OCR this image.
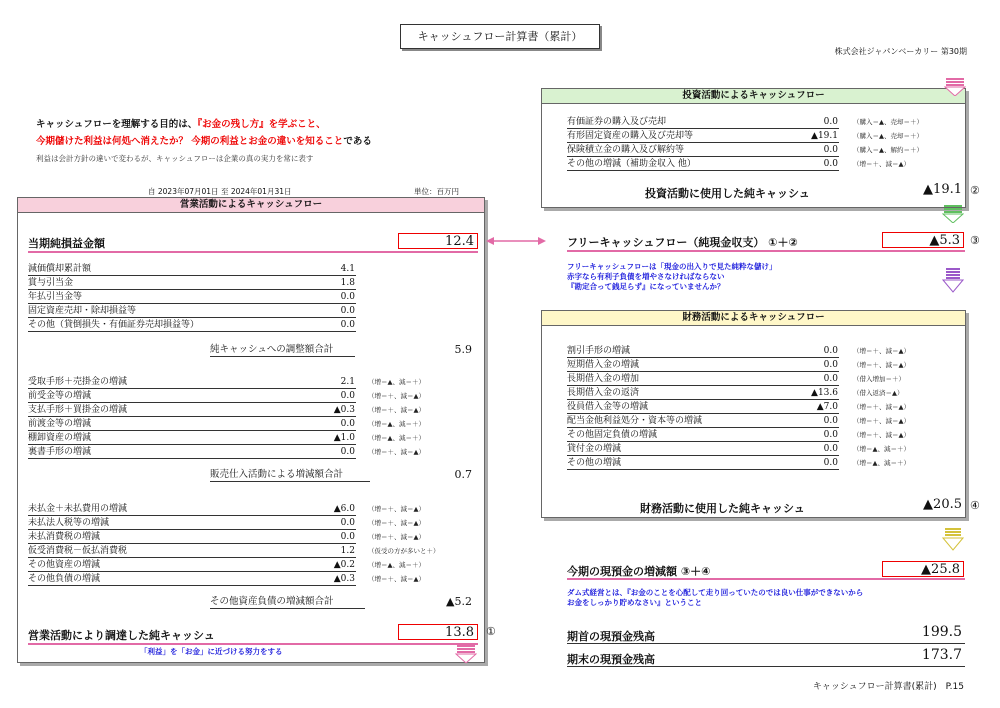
キャッシュフロー計算書（累計）
株式会社ジャパンベーカリー 第30期
キャッシュフローを理解する目的は、『お金の残し方』を学ぶこと、
今期儲けた利益は何処へ消えたか？ 今期の利益とお金の違いを知ることである
利益は会計方針の違いで変わるが、キャッシュフローは企業の真の実力を常に表す
自 2023年07月01日 至 2024年01月31日	単位：百万円
営業活動によるキャッシュフロー
当期純損益金額	12.4
減価償却累計額	4.1
賞与引当金	1.8
年払引当金等	0.0
固定資産売却・除却損益等	0.0
その他（貸倒損失・有価証券売却損益等）	0.0
受取手形＋売掛金の増減	2.1 （増＝▲、減＝＋）
前受金等の増減	0.0 （増＝＋、減＝▲）
支払手形＋買掛金の増減	▲0.3 （増＝＋、減＝▲）
前渡金等の増減	0.0 （増＝▲、減＝＋）
棚卸資産の増減	▲1.0 （増＝▲、減＝＋）
裏書手形の増減	0.0 （増＝＋、減＝▲）
未払金＋未払費用の増減	▲6.0 （増＝＋、減＝▲）
未払法人税等の増減	0.0 （増＝＋、減＝▲）
未払消費税の増減	0.0 （増＝＋、減＝▲）
仮受消費税－仮払消費税	1.2 （仮受の方が多いと＋）
その他資産の増減	▲0.2 （増＝▲、減＝＋）
その他負債の増減	▲0.3 （増＝＋、減＝▲）
純キャッシュへの調整額合計	5.9
販売仕入活動による増減額合計	0.7
その他資産負債の増減額合計	▲5.2
営業活動により調達した純キャッシュ	13.8	①
「利益」を「お金」に近づける努力をする
投資活動によるキャッシュフロー
有価証券の購入及び売却	0.0 （購入＝▲、売却＝＋）
有形固定資産の購入及び売却等	▲19.1 （購入＝▲、売却＝＋）
保険積立金の購入及び解約等	0.0 （購入＝▲、解約＝＋）
その他の増減（補助金収入 他）	0.0 （増＝＋、減＝▲）
投資活動に使用した純キャッシュ	▲19.1 ②
フリーキャッシュフロー（純現金収支） ①＋②	▲5.3 ③
フリーキャッシュフローは「現金の出入りで見た純粋な儲け」
赤字なら有利子負債を増やさなければならない
『勘定合って銭足らず』になっていませんか？
財務活動によるキャッシュフロー
割引手形の増減	0.0 （増＝＋、減＝▲）
短期借入金の増減	0.0 （増＝＋、減＝▲）
長期借入金の増加	0.0 （借入増加＝＋）
長期借入金の返済	▲13.6 （借入返済＝▲）
役員借入金等の増減	▲7.0 （増＝＋、減＝▲）
配当金他利益処分・資本等の増減	0.0 （増＝＋、減＝▲）
その他固定負債の増減	0.0 （増＝＋、減＝▲）
貸付金の増減	0.0 （増＝▲、減＝＋）
その他の増減	0.0 （増＝▲、減＝＋）
財務活動に使用した純キャッシュ	▲20.5 ④
今期の現預金の増減額 ③＋④	▲25.8
ダム式経営とは、『お金のことを心配して走り回っていたのでは良い仕事ができないから
お金をしっかり貯めなさい』ということ
期首の現預金残高	199.5
期末の現預金残高	173.7
キャッシュフロー計算書(累計)　P.15
